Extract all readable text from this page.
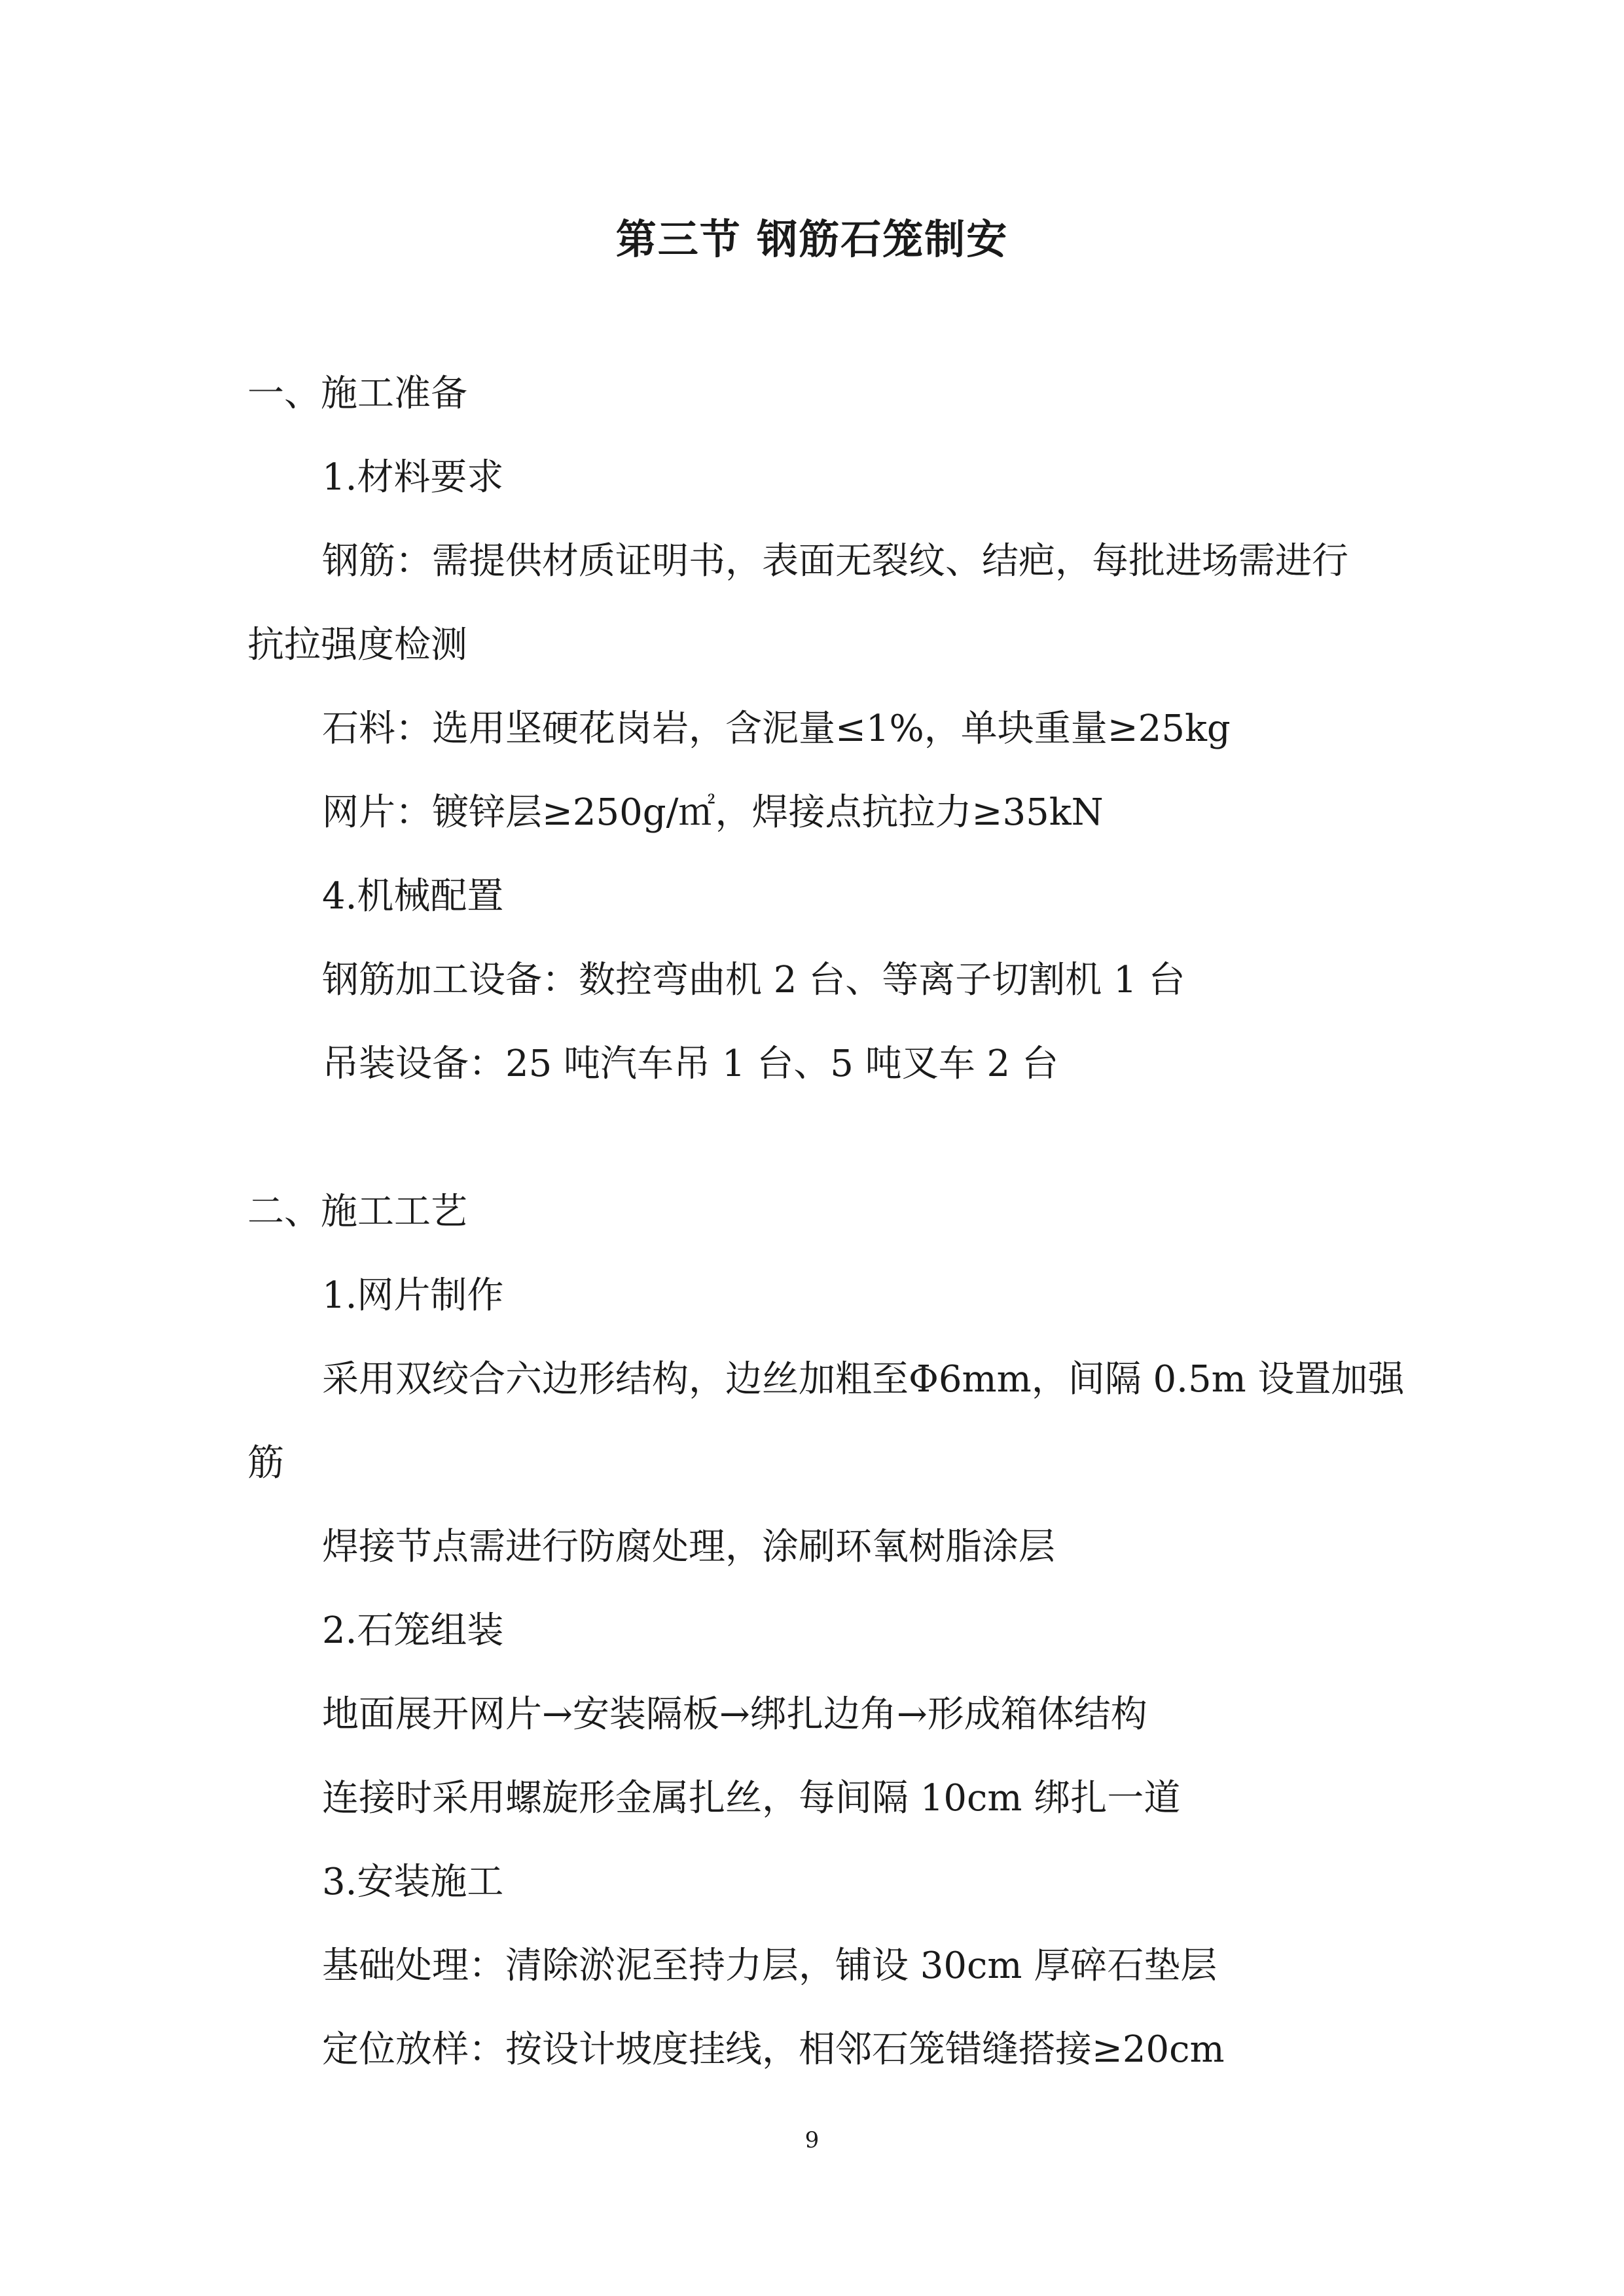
第三节 钢筋石笼制安

一、施工准备

1.材料要求

钢筋：需提供材质证明书，表面无裂纹、结疤，每批进场需进行

抗拉强度检测

石料：选用坚硬花岗岩，含泥量≤1%，单块重量≥25kg

网片：镀锌层≥250g/㎡，焊接点抗拉力≥35kN

4.机械配置

钢筋加工设备：数控弯曲机 2 台、等离子切割机 1 台

吊装设备：25 吨汽车吊 1 台、5 吨叉车 2 台

二、施工工艺

1.网片制作

采用双绞合六边形结构，边丝加粗至Φ6mm，间隔 0.5m 设置加强

筋

焊接节点需进行防腐处理，涂刷环氧树脂涂层

2.石笼组装

地面展开网片→安装隔板→绑扎边角→形成箱体结构

连接时采用螺旋形金属扎丝，每间隔 10cm 绑扎一道

3.安装施工

基础处理：清除淤泥至持力层，铺设 30cm 厚碎石垫层

定位放样：按设计坡度挂线，相邻石笼错缝搭接≥20cm

9
